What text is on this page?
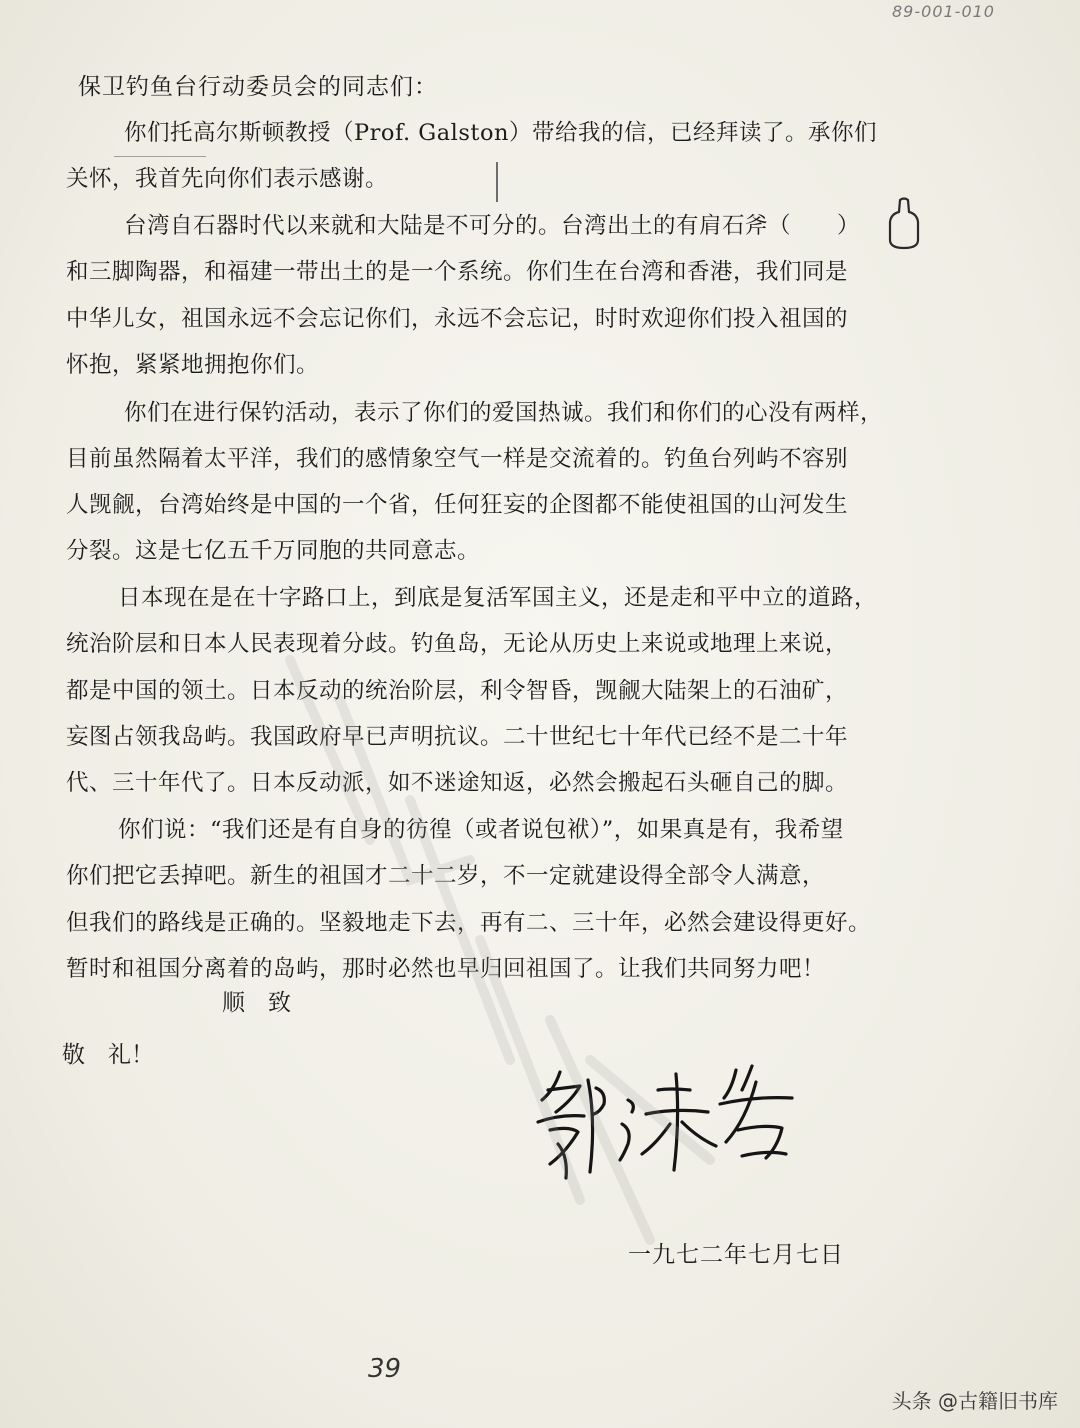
89-001-010
保卫钓鱼台行动委员会的同志们：
你们托高尔斯顿教授（Prof. Galston）带给我的信，已经拜读了。承你们
关怀，我首先向你们表示感谢。
台湾自石器时代以来就和大陆是不可分的。台湾出土的有肩石斧（　　）
和三脚陶器，和福建一带出土的是一个系统。你们生在台湾和香港，我们同是
中华儿女，祖国永远不会忘记你们，永远不会忘记，时时欢迎你们投入祖国的
怀抱，紧紧地拥抱你们。
你们在进行保钓活动，表示了你们的爱国热诚。我们和你们的心没有两样，
目前虽然隔着太平洋，我们的感情象空气一样是交流着的。钓鱼台列屿不容别
人觊觎，台湾始终是中国的一个省，任何狂妄的企图都不能使祖国的山河发生
分裂。这是七亿五千万同胞的共同意志。
日本现在是在十字路口上，到底是复活军国主义，还是走和平中立的道路，
统治阶层和日本人民表现着分歧。钓鱼岛，无论从历史上来说或地理上来说，
都是中国的领土。日本反动的统治阶层，利令智昏，觊觎大陆架上的石油矿，
妄图占领我岛屿。我国政府早已声明抗议。二十世纪七十年代已经不是二十年
代、三十年代了。日本反动派，如不迷途知返，必然会搬起石头砸自己的脚。
你们说：“我们还是有自身的彷徨（或者说包袱）”，如果真是有，我希望
你们把它丢掉吧。新生的祖国才二十二岁，不一定就建设得全部令人满意，
但我们的路线是正确的。坚毅地走下去，再有二、三十年，必然会建设得更好。
暂时和祖国分离着的岛屿，那时必然也早归回祖国了。让我们共同努力吧！
顺　致
敬　礼！
一九七二年七月七日
39
头条 @古籍旧书库
